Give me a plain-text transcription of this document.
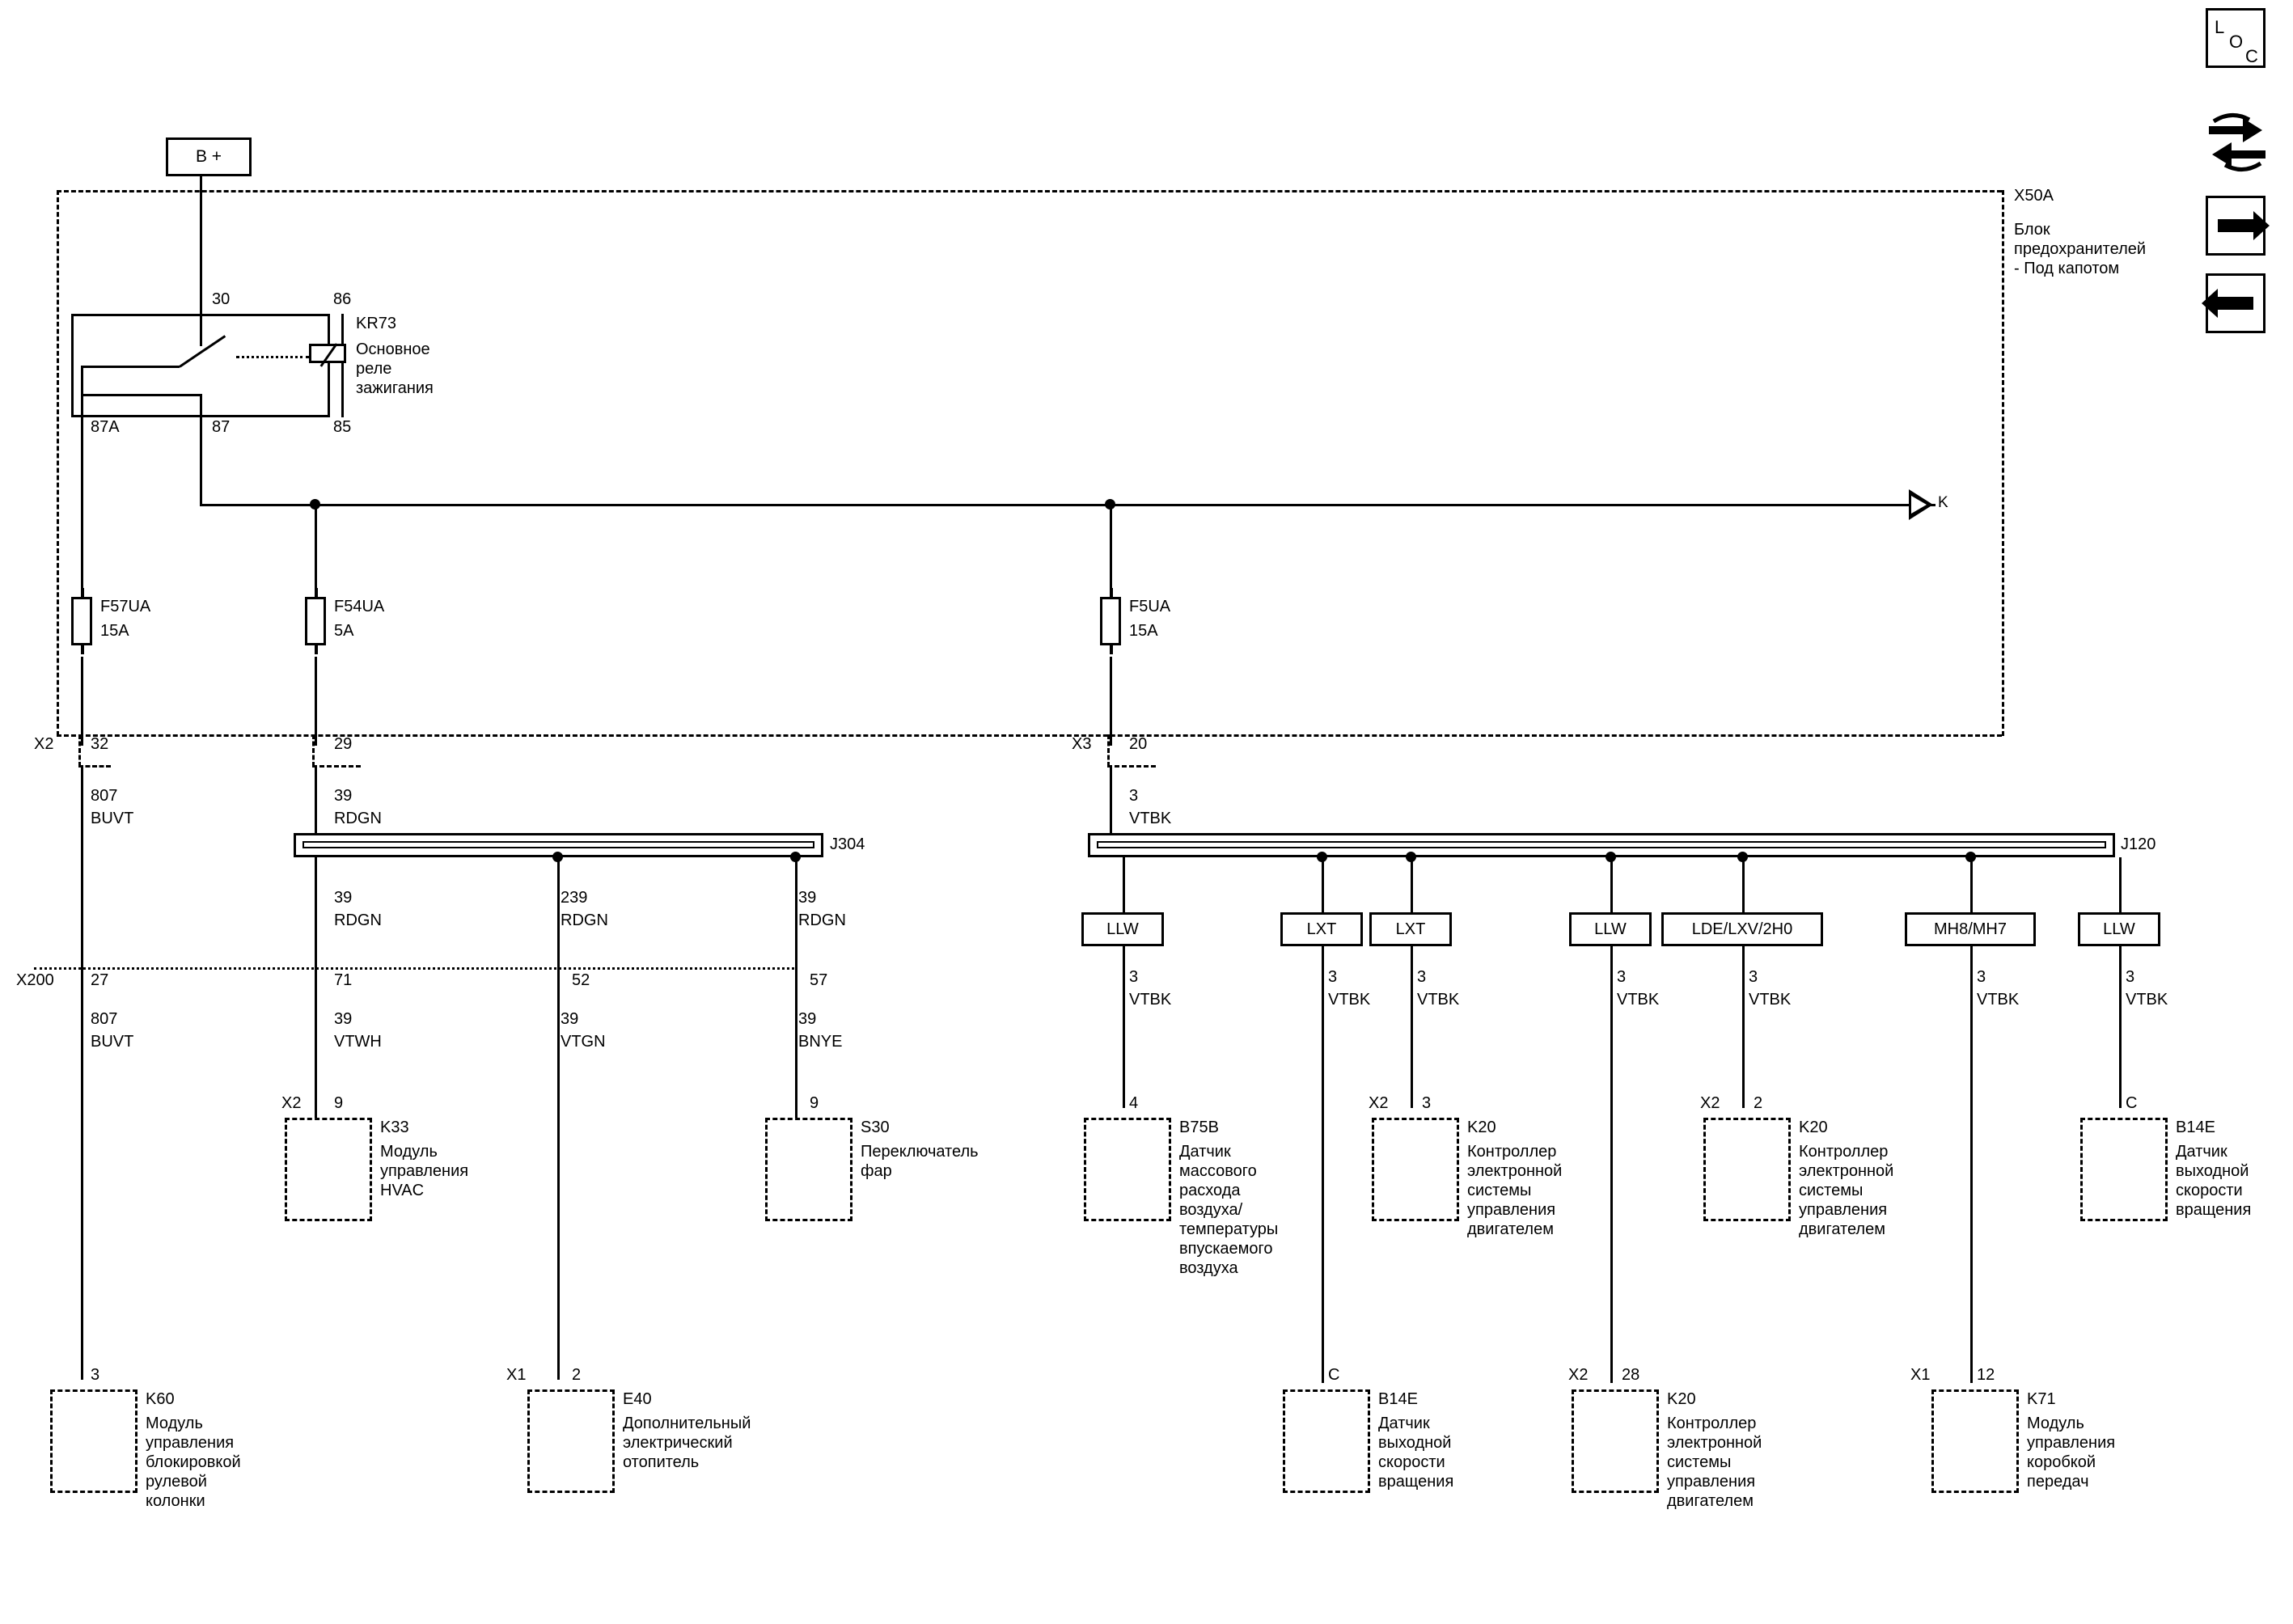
B +
X50A
Блок предохранителей - Под капотом
30	86
87A	87	85
KR73
Основное реле зажигания
K
F57UA
15A
F54UA
5A
F5UA
15A
X2 32	29	X3 20
807
BUVT
39
RDGN
3
VTBK
J304
39
RDGN
239
RDGN
39
RDGN
X200 27
807
BUVT
71
39
VTWH
52
39
VTGN
57
39
BNYE
J120
LLW	LXT	LXT	LLW	LDE/LXV/2H0	MH8/MH7	LLW
3
VTBK
3
VTBK
3
VTBK
3
VTBK
3
VTBK
3
VTBK
3
VTBK
X2 9
K33
Модуль управления HVAC
9
S30
Переключатель фар
4
B75B
Датчик массового расхода воздуха/температуры впускаемого воздуха
X2 3
K20
Контроллер электронной системы управления двигателем
X2 2
K20
Контроллер электронной системы управления двигателем
C
B14E
Датчик выходной скорости вращения
3
K60
Модуль управления блокировкой рулевой колонки
X1	2
E40
Дополнительный электрический отопитель
C
B14E
Датчик выходной скорости вращения
X2 28
K20
Контроллер электронной системы управления двигателем
X1	12
K71
Модуль управления коробкой передач
L
O
C
